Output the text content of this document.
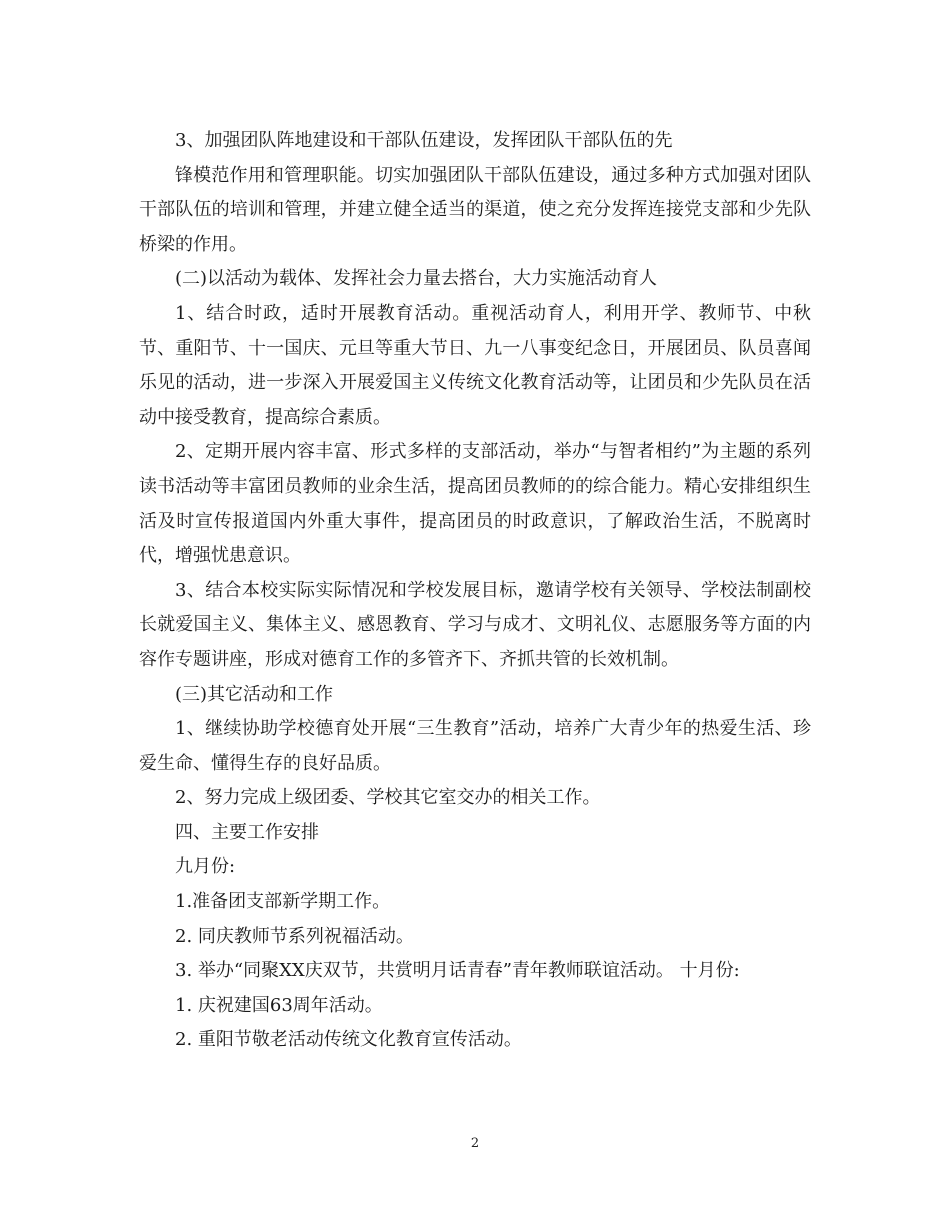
3、加强团队阵地建设和干部队伍建设，发挥团队干部队伍的先

锋模范作用和管理职能。切实加强团队干部队伍建设，通过多种方式加强对团队干部队伍的培训和管理，并建立健全适当的渠道，使之充分发挥连接党支部和少先队桥梁的作用。

(二)以活动为载体、发挥社会力量去搭台，大力实施活动育人

1、结合时政，适时开展教育活动。重视活动育人，利用开学、教师节、中秋节、重阳节、十一国庆、元旦等重大节日、九一八事变纪念日，开展团员、队员喜闻乐见的活动，进一步深入开展爱国主义传统文化教育活动等，让团员和少先队员在活动中接受教育，提高综合素质。

2、定期开展内容丰富、形式多样的支部活动，举办“与智者相约”为主题的系列读书活动等丰富团员教师的业余生活，提高团员教师的的综合能力。精心安排组织生活及时宣传报道国内外重大事件，提高团员的时政意识，了解政治生活，不脱离时代，增强忧患意识。

3、结合本校实际实际情况和学校发展目标，邀请学校有关领导、学校法制副校长就爱国主义、集体主义、感恩教育、学习与成才、文明礼仪、志愿服务等方面的内容作专题讲座，形成对德育工作的多管齐下、齐抓共管的长效机制。

(三)其它活动和工作

1、继续协助学校德育处开展“三生教育”活动，培养广大青少年的热爱生活、珍爱生命、懂得生存的良好品质。

2、努力完成上级团委、学校其它室交办的相关工作。

四、主要工作安排

九月份:

1.准备团支部新学期工作。

2. 同庆教师节系列祝福活动。

3. 举办“同聚XX庆双节，共赏明月话青春”青年教师联谊活动。 十月份:

1. 庆祝建国63周年活动。

2. 重阳节敬老活动传统文化教育宣传活动。

2
